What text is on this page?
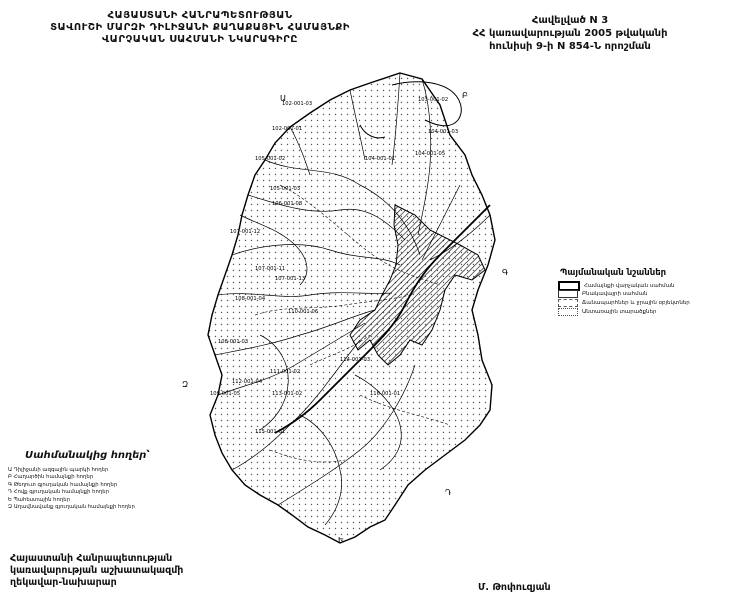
ՀԱՅԱՍՏԱՆԻ ՀԱՆՐԱՊԵՏՈՒԹՅԱՆ
ՏԱՎՈՒՇԻ ՄԱՐԶԻ ԴԻԼԻՋԱՆԻ ՔԱՂԱՔԱՅԻՆ ՀԱՄԱՅՆՔԻ
ՎԱՐՉԱԿԱՆ ՍԱՀՄԱՆԻ ՆԿԱՐԱԳԻՐԸ
Հավելված N 3
ՀՀ կառավարության 2005 թվականի
հունիսի 9-ի N 854-Ն որոշման
102-001-03
102-001-01
103-001-02
104-001-03
104-001-05
104-001-01
105-001-02
105-001-03
106-001-08
107-001-12
107-001-11
107-001-13
108-001-04
108-001-03
109-001-05
110-001-06
111-001-02
112-001-04
113-001-02
114-001-03
115-001-01
116-001-01
Ա	Բ
Գ
Դ
Ե
Զ
Պայմանական նշաններ
Համայնքի վարչական սահման
Բնակավայրի սահման
Ճանապարհներ և ջրային օբյեկտներ
Անտառային տարածքներ
Սահմանակից հողեր՝
Ա Դիլիջանի ազգային պարկի հողեր
Բ Հաղարծին համայնքի հողեր
Գ Թեղուտ գյուղական համայնքի հողեր
Դ Հովք գյուղական համայնքի հողեր
Ե Պահեստային հողեր
Զ Աղավնավանք գյուղական համայնքի հողեր
Հայաստանի Հանրապետության
կառավարության աշխատակազմի
ղեկավար-նախարար	Մ. Թոփուզյան
